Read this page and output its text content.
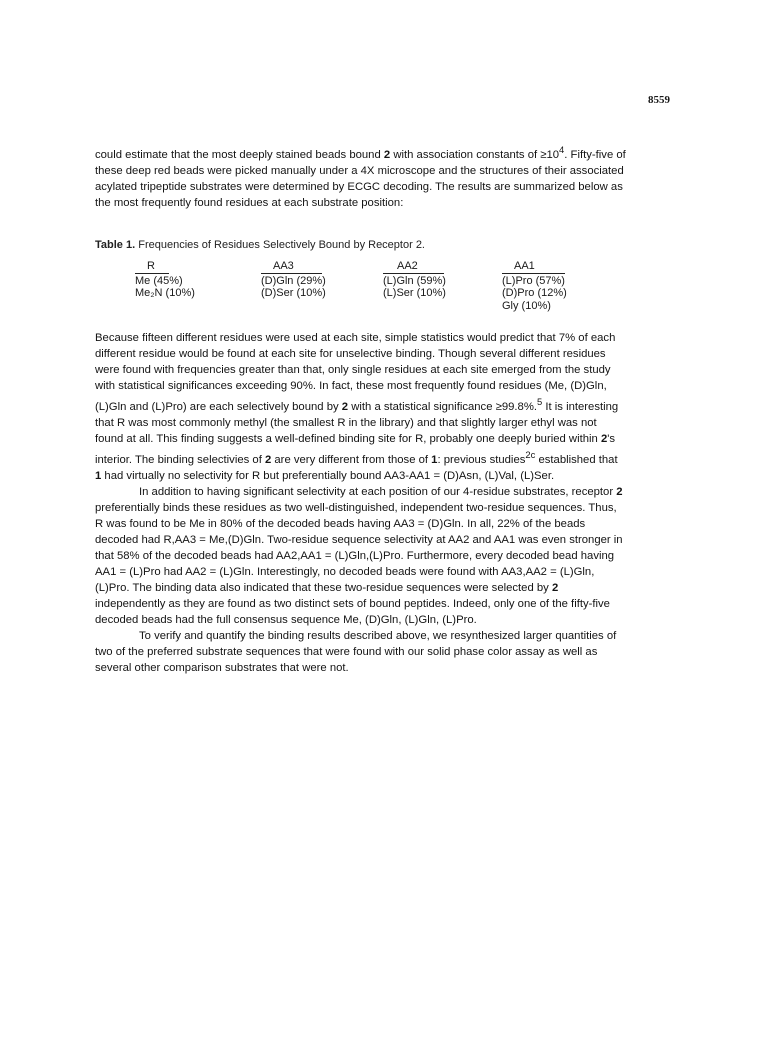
8559

could estimate that the most deeply stained beads bound 2 with association constants of $\ge 10^4$. Fifty-five of these deep red beads were picked manually under a 4X microscope and the structures of their associated acylated tripeptide substrates were determined by ECGC decoding. The results are summarized below as the most frequently found residues at each substrate position:

Table 1. Frequencies of Residues Selectively Bound by Receptor 2.
R
Me (45%)
Me₂N (10%)
AA3
(D)Gln (29%)
(D)Ser (10%)
AA2
(L)Gln (59%)
(L)Ser (10%)
AA1
(L)Pro (57%)
(D)Pro (12%)
Gly (10%)

Because fifteen different residues were used at each site, simple statistics would predict that 7% of each different residue would be found at each site for unselective binding. Though several different residues were found with frequencies greater than that, only single residues at each site emerged from the study with statistical significances exceeding 90%. In fact, these most frequently found residues (Me, (D)Gln, (L)Gln and (L)Pro) are each selectively bound by 2 with a statistical significance ≥99.8%.$^5$ It is interesting that R was most commonly methyl (the smallest R in the library) and that slightly larger ethyl was not found at all. This finding suggests a well-defined binding site for R, probably one deeply buried within 2's interior. The binding selectivies of 2 are very different from those of 1: previous studies$^{2c}$ established that 1 had virtually no selectivity for R but preferentially bound AA3-AA1 = (D)Asn, (L)Val, (L)Ser.

In addition to having significant selectivity at each position of our 4-residue substrates, receptor 2 preferentially binds these residues as two well-distinguished, independent two-residue sequences. Thus, R was found to be Me in 80% of the decoded beads having AA3 = (D)Gln. In all, 22% of the beads decoded had R,AA3 = Me,(D)Gln. Two-residue sequence selectivity at AA2 and AA1 was even stronger in that 58% of the decoded beads had AA2,AA1 = (L)Gln,(L)Pro. Furthermore, every decoded bead having AA1 = (L)Pro had AA2 = (L)Gln. Interestingly, no decoded beads were found with AA3,AA2 = (L)Gln,(L)Pro. The binding data also indicated that these two-residue sequences were selected by 2 independently as they are found as two distinct sets of bound peptides. Indeed, only one of the fifty-five decoded beads had the full consensus sequence Me, (D)Gln, (L)Gln, (L)Pro.

To verify and quantify the binding results described above, we resynthesized larger quantities of two of the preferred substrate sequences that were found with our solid phase color assay as well as several other comparison substrates that were not.
